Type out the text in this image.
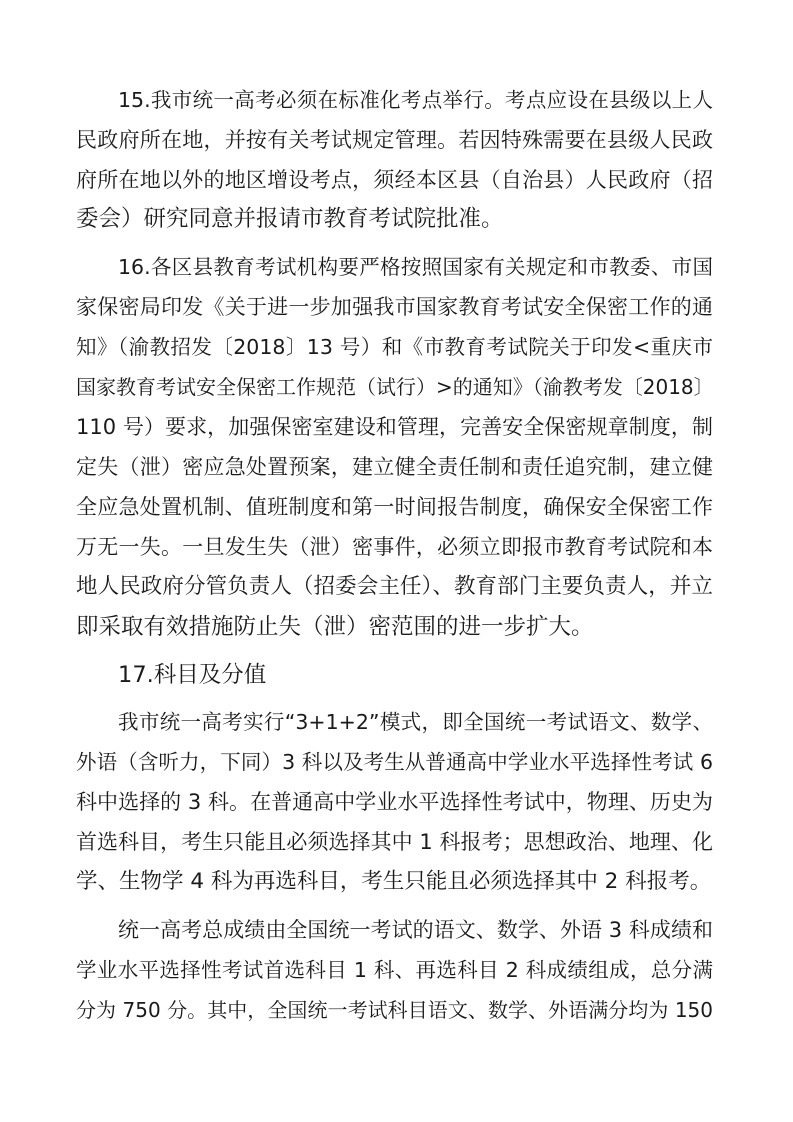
15.我市统一高考必须在标准化考点举行。考点应设在县级以上人
民政府所在地，并按有关考试规定管理。若因特殊需要在县级人民政
府所在地以外的地区增设考点，须经本区县（自治县）人民政府（招
委会）研究同意并报请市教育考试院批准。
16.各区县教育考试机构要严格按照国家有关规定和市教委、市国
家保密局印发《关于进一步加强我市国家教育考试安全保密工作的通
知》（渝教招发〔2018〕13 号）和《市教育考试院关于印发<重庆市
国家教育考试安全保密工作规范（试行）>的通知》（渝教考发〔2018〕
110 号）要求，加强保密室建设和管理，完善安全保密规章制度，制
定失（泄）密应急处置预案，建立健全责任制和责任追究制，建立健
全应急处置机制、值班制度和第一时间报告制度，确保安全保密工作
万无一失。一旦发生失（泄）密事件，必须立即报市教育考试院和本
地人民政府分管负责人（招委会主任）、教育部门主要负责人，并立
即采取有效措施防止失（泄）密范围的进一步扩大。
17.科目及分值
我市统一高考实行“3+1+2”模式，即全国统一考试语文、数学、
外语（含听力，下同）3 科以及考生从普通高中学业水平选择性考试 6
科中选择的 3 科。在普通高中学业水平选择性考试中，物理、历史为
首选科目，考生只能且必须选择其中 1 科报考；思想政治、地理、化
学、生物学 4 科为再选科目，考生只能且必须选择其中 2 科报考。
统一高考总成绩由全国统一考试的语文、数学、外语 3 科成绩和
学业水平选择性考试首选科目 1 科、再选科目 2 科成绩组成，总分满
分为 750 分。其中，全国统一考试科目语文、数学、外语满分均为 150
